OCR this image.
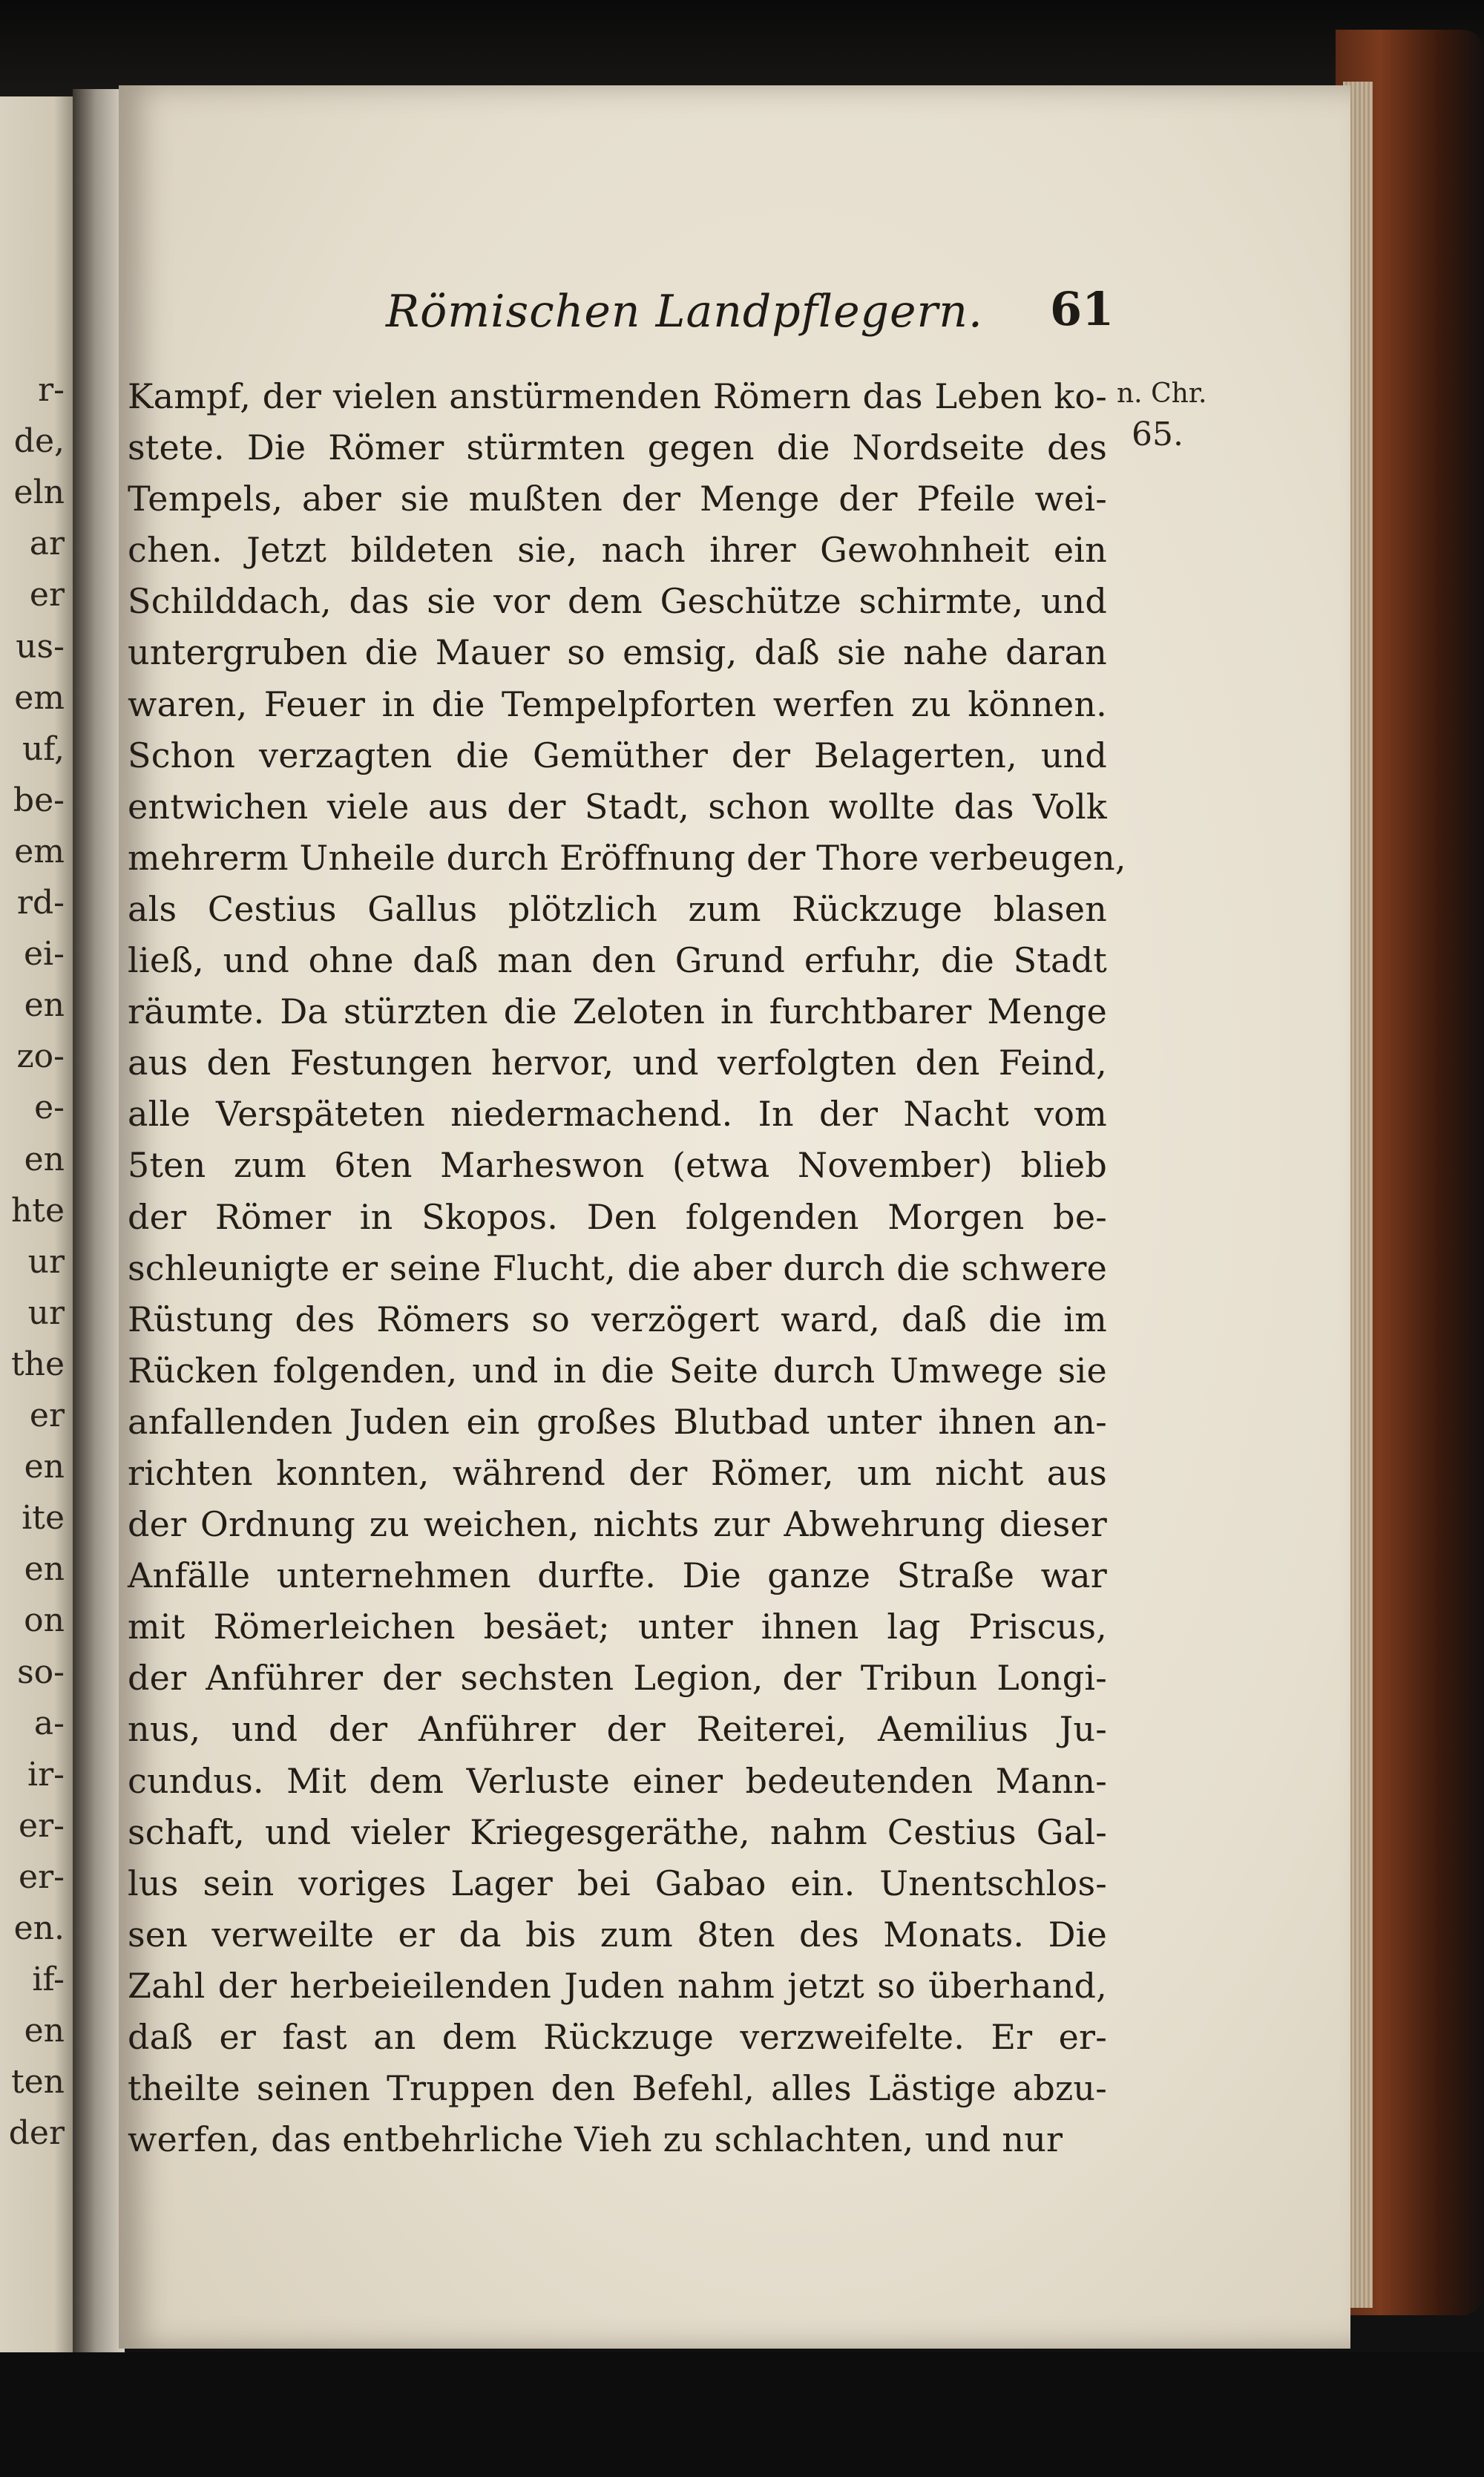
r-
de,
eln
ar
er
us-
em
uf,
be-
em
rd-
ei-
en
zo-
e-
en
hte
ur
ur
the
er
en
ite
en
on
so-
a-
ir-
er-
er-
en.
if-
en
ten
der
Römischen Landpflegern.	61
n. Chr.
65.
Kampf, der vielen anstürmenden Römern das Leben ko-
stete. Die Römer stürmten gegen die Nordseite des
Tempels, aber sie mußten der Menge der Pfeile wei-
chen. Jetzt bildeten sie, nach ihrer Gewohnheit ein
Schilddach, das sie vor dem Geschütze schirmte, und
untergruben die Mauer so emsig, daß sie nahe daran
waren, Feuer in die Tempelpforten werfen zu können.
Schon verzagten die Gemüther der Belagerten, und
entwichen viele aus der Stadt, schon wollte das Volk
mehrerm Unheile durch Eröffnung der Thore verbeugen,
als Cestius Gallus plötzlich zum Rückzuge blasen
ließ, und ohne daß man den Grund erfuhr, die Stadt
räumte. Da stürzten die Zeloten in furchtbarer Menge
aus den Festungen hervor, und verfolgten den Feind,
alle Verspäteten niedermachend. In der Nacht vom
5ten zum 6ten Marheswon (etwa November) blieb
der Römer in Skopos. Den folgenden Morgen be-
schleunigte er seine Flucht, die aber durch die schwere
Rüstung des Römers so verzögert ward, daß die im
Rücken folgenden, und in die Seite durch Umwege sie
anfallenden Juden ein großes Blutbad unter ihnen an-
richten konnten, während der Römer, um nicht aus
der Ordnung zu weichen, nichts zur Abwehrung dieser
Anfälle unternehmen durfte. Die ganze Straße war
mit Römerleichen besäet; unter ihnen lag Priscus,
der Anführer der sechsten Legion, der Tribun Longi-
nus, und der Anführer der Reiterei, Aemilius Ju-
cundus. Mit dem Verluste einer bedeutenden Mann-
schaft, und vieler Kriegesgeräthe, nahm Cestius Gal-
lus sein voriges Lager bei Gabao ein. Unentschlos-
sen verweilte er da bis zum 8ten des Monats. Die
Zahl der herbeieilenden Juden nahm jetzt so überhand,
daß er fast an dem Rückzuge verzweifelte. Er er-
theilte seinen Truppen den Befehl, alles Lästige abzu-
werfen, das entbehrliche Vieh zu schlachten, und nur
